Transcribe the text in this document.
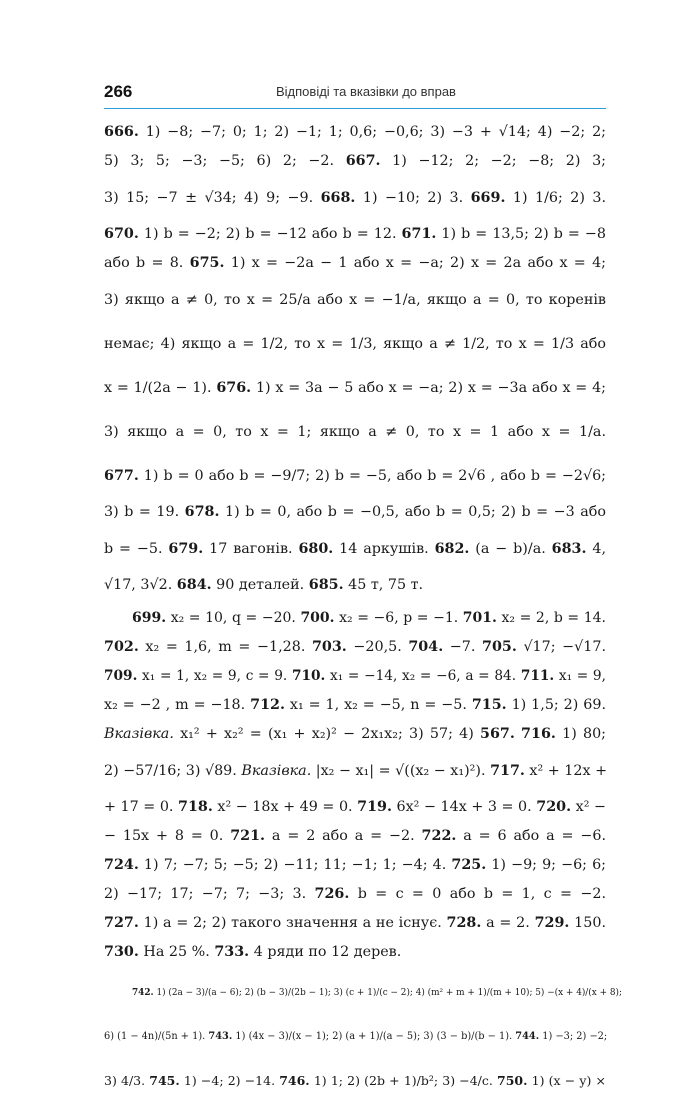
266	Відповіді та вказівки до вправ
666. 1) −8; −7; 0; 1; 2) −1; 1; 0,6; −0,6; 3) −3 + √14; 4) −2; 2;
5) 3; 5; −3; −5; 6) 2; −2. 667. 1) −12; 2; −2; −8; 2) 3;
3) 15; −7 ± √34; 4) 9; −9. 668. 1) −10; 2) 3. 669. 1) 1/6; 2) 3.
670. 1) b = −2; 2) b = −12 або b = 12. 671. 1) b = 13,5; 2) b = −8
або b = 8. 675. 1) x = −2a − 1 або x = −a; 2) x = 2a або x = 4;
3) якщо a ≠ 0, то x = 25/a або x = −1/a, якщо a = 0, то коренів
немає; 4) якщо a = 1/2, то x = 1/3, якщо a ≠ 1/2, то x = 1/3 або
x = 1/(2a − 1). 676. 1) x = 3a − 5 або x = −a; 2) x = −3a або x = 4;
3) якщо a = 0, то x = 1; якщо a ≠ 0, то x = 1 або x = 1/a.
677. 1) b = 0 або b = −9/7; 2) b = −5, або b = 2√6 , або b = −2√6;
3) b = 19. 678. 1) b = 0, або b = −0,5, або b = 0,5; 2) b = −3 або
b = −5. 679. 17 вагонів. 680. 14 аркушів. 682. (a − b)/a. 683. 4,
√17, 3√2. 684. 90 деталей. 685. 45 т, 75 т.
699. x₂ = 10, q = −20. 700. x₂ = −6, p = −1. 701. x₂ = 2, b = 14.
702. x₂ = 1,6, m = −1,28. 703. −20,5. 704. −7. 705. √17; −√17.
709. x₁ = 1, x₂ = 9, c = 9. 710. x₁ = −14, x₂ = −6, a = 84. 711. x₁ = 9,
x₂ = −2 , m = −18. 712. x₁ = 1, x₂ = −5, n = −5. 715. 1) 1,5; 2) 69.
Вказівка. x₁² + x₂² = (x₁ + x₂)² − 2x₁x₂; 3) 57; 4) 567. 716. 1) 80;
2) −57/16; 3) √89. Вказівка. |x₂ − x₁| = √((x₂ − x₁)²). 717. x² + 12x +
+ 17 = 0. 718. x² − 18x + 49 = 0. 719. 6x² − 14x + 3 = 0. 720. x² −
− 15x + 8 = 0. 721. a = 2 або a = −2. 722. a = 6 або a = −6.
724. 1) 7; −7; 5; −5; 2) −11; 11; −1; 1; −4; 4. 725. 1) −9; 9; −6; 6;
2) −17; 17; −7; 7; −3; 3. 726. b = c = 0 або b = 1, c = −2.
727. 1) a = 2; 2) такого значення a не існує. 728. a = 2. 729. 150.
730. На 25 %. 733. 4 ряди по 12 дерев.
742. 1) (2a − 3)/(a − 6); 2) (b − 3)/(2b − 1); 3) (c + 1)/(c − 2); 4) (m² + m + 1)/(m + 10); 5) −(x + 4)/(x + 8);
6) (1 − 4n)/(5n + 1). 743. 1) (4x − 3)/(x − 1); 2) (a + 1)/(a − 5); 3) (3 − b)/(b − 1). 744. 1) −3; 2) −2;
3) 4/3. 745. 1) −4; 2) −14. 746. 1) 1; 2) (2b + 1)/b²; 3) −4/c. 750. 1) (x − y) ×
